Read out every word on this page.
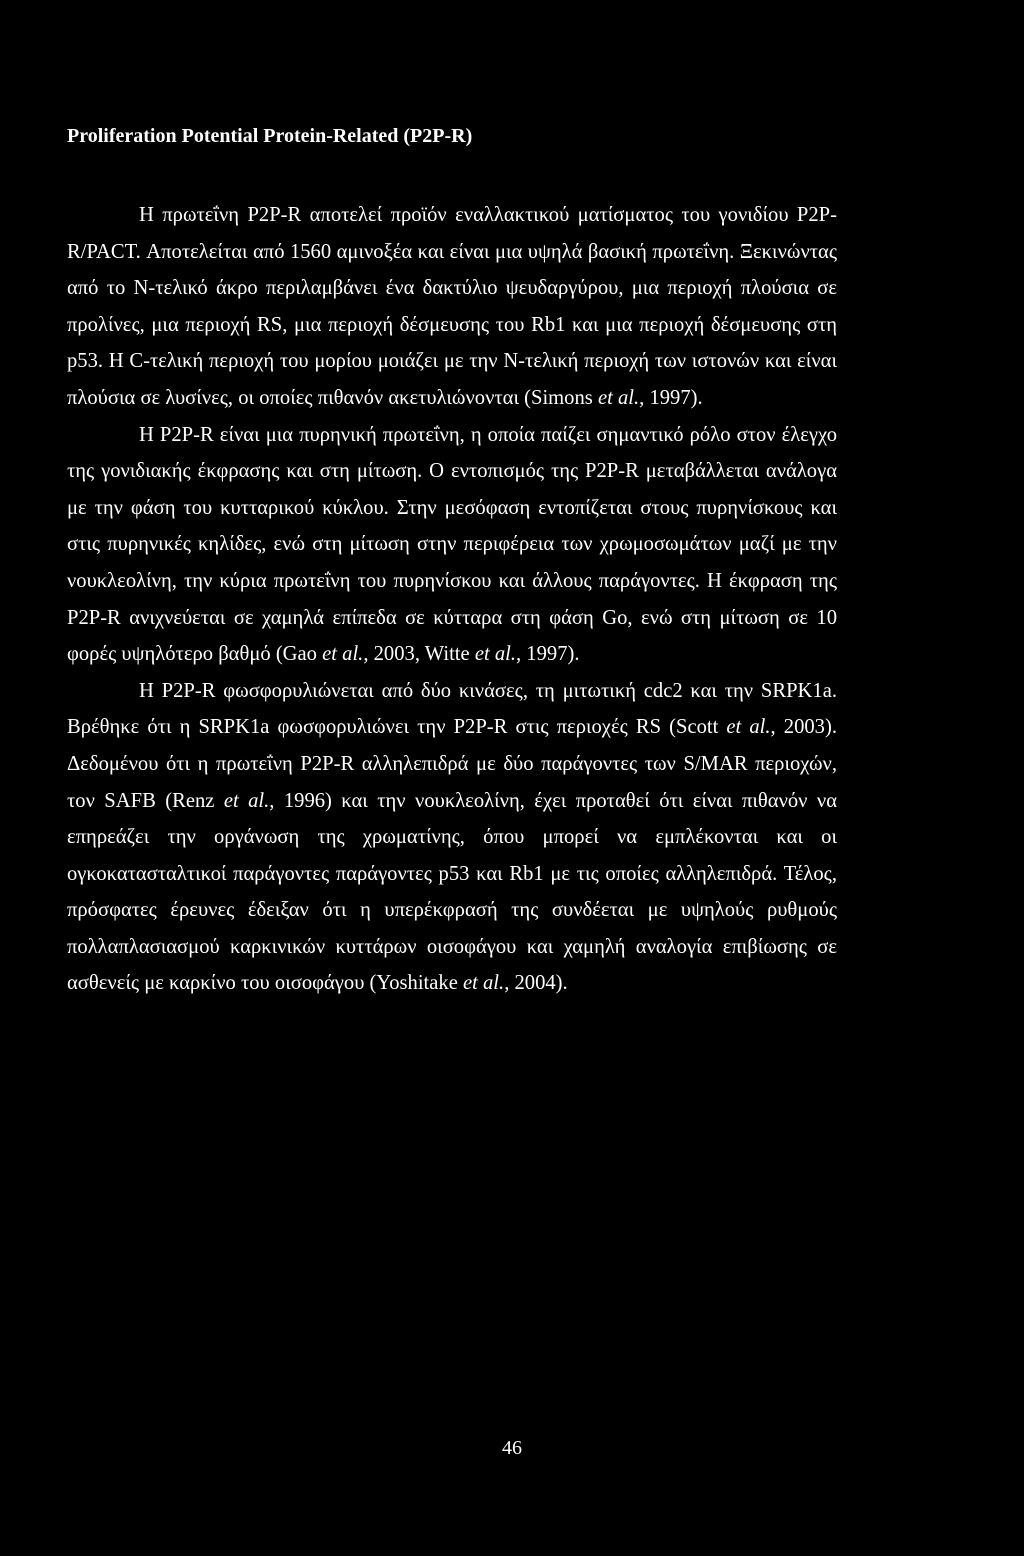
Proliferation Potential Protein-Related (P2P-R)

Η πρωτεΐνη P2P-R αποτελεί προϊόν εναλλακτικού ματίσματος του γονιδίου P2P-R/PACT. Αποτελείται από 1560 αμινοξέα και είναι μια υψηλά βασική πρωτεΐνη. Ξεκινώντας από το Ν-τελικό άκρο περιλαμβάνει ένα δακτύλιο ψευδαργύρου, μια περιοχή πλούσια σε προλίνες, μια περιοχή RS, μια περιοχή δέσμευσης του Rb1 και μια περιοχή δέσμευσης στη p53. Η C-τελική περιοχή του μορίου μοιάζει με την Ν-τελική περιοχή των ιστονών και είναι πλούσια σε λυσίνες, οι οποίες πιθανόν ακετυλιώνονται (Simons et al., 1997).

Η P2P-R είναι μια πυρηνική πρωτεΐνη, η οποία παίζει σημαντικό ρόλο στον έλεγχο της γονιδιακής έκφρασης και στη μίτωση. Ο εντοπισμός της P2P-R μεταβάλλεται ανάλογα με την φάση του κυτταρικού κύκλου. Στην μεσόφαση εντοπίζεται στους πυρηνίσκους και στις πυρηνικές κηλίδες, ενώ στη μίτωση στην περιφέρεια των χρωμοσωμάτων μαζί με την νουκλεολίνη, την κύρια πρωτεΐνη του πυρηνίσκου και άλλους παράγοντες. Η έκφραση της P2P-R ανιχνεύεται σε χαμηλά επίπεδα σε κύτταρα στη φάση Go, ενώ στη μίτωση σε 10 φορές υψηλότερο βαθμό (Gao et al., 2003, Witte et al., 1997).

Η P2P-R φωσφορυλιώνεται από δύο κινάσες, τη μιτωτική cdc2 και την SRPK1a. Βρέθηκε ότι η SRPK1a φωσφορυλιώνει την P2P-R στις περιοχές RS (Scott et al., 2003). Δεδομένου ότι η πρωτεΐνη P2P-R αλληλεπιδρά με δύο παράγοντες των S/MAR περιοχών, τον SAFB (Renz et al., 1996) και την νουκλεολίνη, έχει προταθεί ότι είναι πιθανόν να επηρεάζει την οργάνωση της χρωματίνης, όπου μπορεί να εμπλέκονται και οι ογκοκατασταλτικοί παράγοντες παράγοντες p53 και Rb1 με τις οποίες αλληλεπιδρά. Τέλος, πρόσφατες έρευνες έδειξαν ότι η υπερέκφρασή της συνδέεται με υψηλούς ρυθμούς πολλαπλασιασμού καρκινικών κυττάρων οισοφάγου και χαμηλή αναλογία επιβίωσης σε ασθενείς με καρκίνο του οισοφάγου (Yoshitake et al., 2004).

46
